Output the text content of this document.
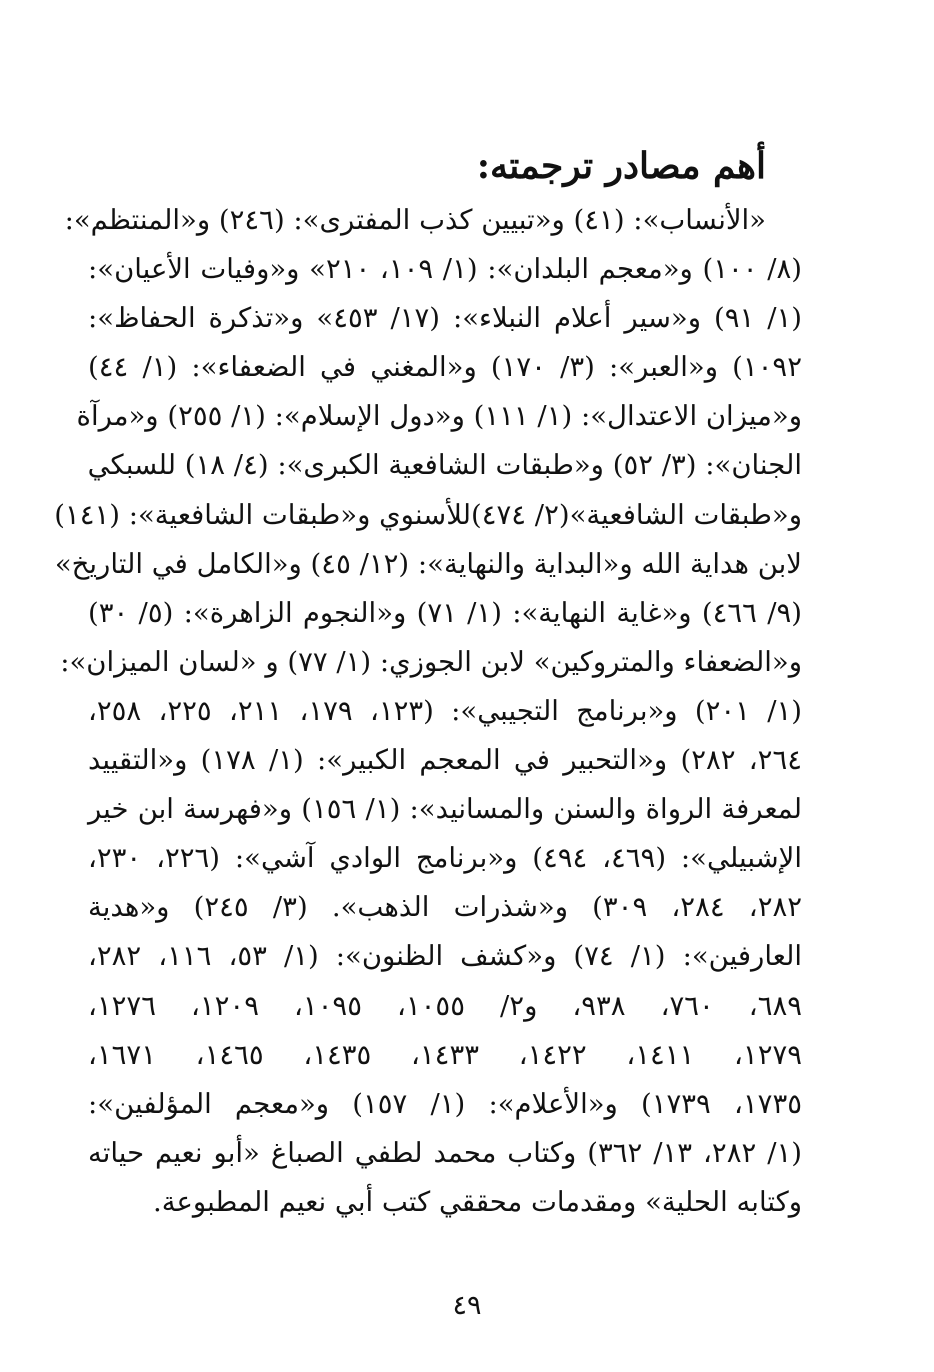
أهم مصادر ترجمته:
«الأنساب»: (٤١) و«تبيين كذب المفترى»: (٢٤٦) و«المنتظم»:
(٨/ ١٠٠) و«معجم البلدان»: (١/ ١٠٩، ٢١٠» و«وفيات الأعيان»:
(١/ ٩١) و«سير أعلام النبلاء»: (١٧/ ٤٥٣» و«تذكرة الحفاظ»:
١٠٩٢) و«العبر»: (٣/ ١٧٠) و«المغني في الضعفاء»: (١/ ٤٤)
و«ميزان الاعتدال»: (١/ ١١١) و«دول الإسلام»: (١/ ٢٥٥) و«مرآة
الجنان»: (٣/ ٥٢) و«طبقات الشافعية الكبرى»: (٤/ ١٨) للسبكي
و«طبقات الشافعية»(٢/ ٤٧٤)للأسنوي و«طبقات الشافعية»: (١٤١)
لابن هداية الله و«البداية والنهاية»: (١٢/ ٤٥) و«الكامل في التاريخ»
(٩/ ٤٦٦) و«غاية النهاية»: (١/ ٧١) و«النجوم الزاهرة»: (٥/ ٣٠)
و«الضعفاء والمتروكين» لابن الجوزي: (١/ ٧٧) و «لسان الميزان»:
(١/ ٢٠١) و«برنامج التجيبي»: (١٢٣، ١٧٩، ٢١١، ٢٢٥، ٢٥٨،
٢٦٤، ٢٨٢) و«التحبير في المعجم الكبير»: (١/ ١٧٨) و«التقييد
لمعرفة الرواة والسنن والمسانيد»: (١/ ١٥٦) و«فهرسة ابن خير
الإشبيلي»: (٤٦٩، ٤٩٤) و«برنامج الوادي آشي»: (٢٢٦، ٢٣٠،
٢٨٢، ٢٨٤، ٣٠٩) و«شذرات الذهب». (٣/ ٢٤٥) و«هدية
العارفين»: (١/ ٧٤) و«كشف الظنون»: (١/ ٥٣، ١١٦، ٢٨٢،
٦٨٩، ٧٦٠، ٩٣٨، و٢/ ١٠٥٥، ١٠٩٥، ١٢٠٩، ١٢٧٦،
١٢٧٩، ١٤١١، ١٤٢٢، ١٤٣٣، ١٤٣٥، ١٤٦٥، ١٦٧١،
١٧٣٥، ١٧٣٩) و«الأعلام»: (١/ ١٥٧) و«معجم المؤلفين»:
(١/ ٢٨٢، ١٣/ ٣٦٢) وكتاب محمد لطفي الصباغ «أبو نعيم حياته
وكتابه الحلية» ومقدمات محققي كتب أبي نعيم المطبوعة.
٤٩
